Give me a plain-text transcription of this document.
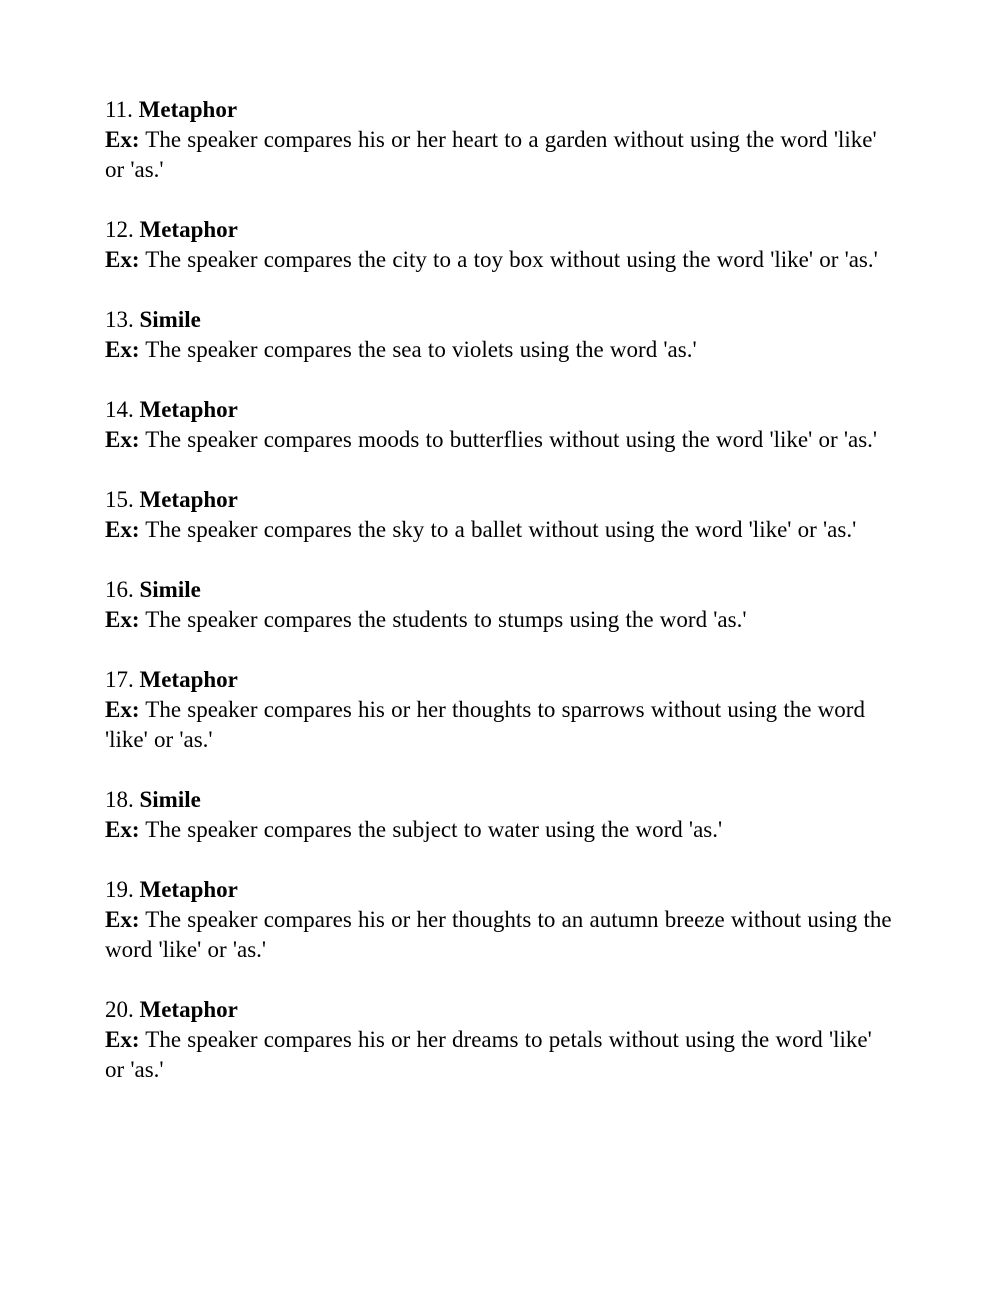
11. Metaphor

Ex: The speaker compares his or her heart to a garden without using the word 'like' or 'as.'

12. Metaphor

Ex: The speaker compares the city to a toy box without using the word 'like' or 'as.'

13. Simile

Ex: The speaker compares the sea to violets using the word 'as.'

14. Metaphor

Ex: The speaker compares moods to butterflies without using the word 'like' or 'as.'

15. Metaphor

Ex: The speaker compares the sky to a ballet without using the word 'like' or 'as.'

16. Simile

Ex: The speaker compares the students to stumps using the word 'as.'

17. Metaphor

Ex: The speaker compares his or her thoughts to sparrows without using the word 'like' or 'as.'

18. Simile

Ex: The speaker compares the subject to water using the word 'as.'

19. Metaphor

Ex: The speaker compares his or her thoughts to an autumn breeze without using the word 'like' or 'as.'

20. Metaphor

Ex: The speaker compares his or her dreams to petals without using the word 'like' or 'as.'
